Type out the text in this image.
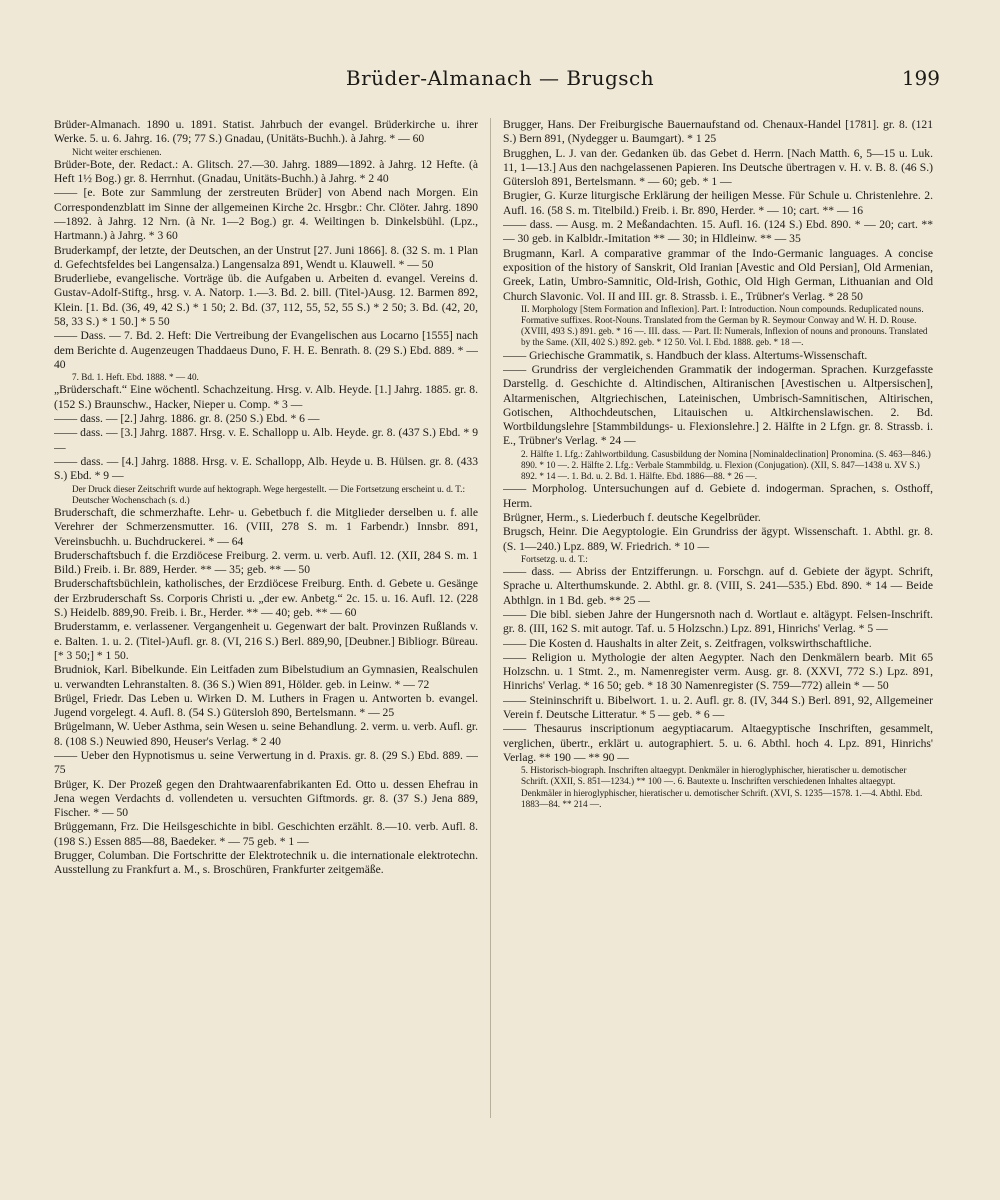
Brüder-Almanach — Brugsch	199

Brüder-Almanach. 1890 u. 1891. Statist. Jahrbuch der evangel. Brüderkirche u. ihrer Werke. 5. u. 6. Jahrg. 16. (79; 77 S.) Gnadau, (Unitäts-Buchh.). à Jahrg. * — 60

Nicht weiter erschienen.

Brüder-Bote, der. Redact.: A. Glitsch. 27.—30. Jahrg. 1889—1892. à Jahrg. 12 Hefte. (à Heft 1½ Bog.) gr. 8. Herrnhut. (Gnadau, Unitäts-Buchh.) à Jahrg. * 2 40

—— [e. Bote zur Sammlung der zerstreuten Brüder] von Abend nach Morgen. Ein Correspondenzblatt im Sinne der allgemeinen Kirche 2c. Hrsgbr.: Chr. Clöter. Jahrg. 1890—1892. à Jahrg. 12 Nrn. (à Nr. 1—2 Bog.) gr. 4. Weiltingen b. Dinkelsbühl. (Lpz., Hartmann.) à Jahrg. * 3 60

Bruderkampf, der letzte, der Deutschen, an der Unstrut [27. Juni 1866]. 8. (32 S. m. 1 Plan d. Gefechtsfeldes bei Langensalza.) Langensalza 891, Wendt u. Klauwell. * — 50

Bruderliebe, evangelische. Vorträge üb. die Aufgaben u. Arbeiten d. evangel. Vereins d. Gustav-Adolf-Stiftg., hrsg. v. A. Natorp. 1.—3. Bd. 2. bill. (Titel-)Ausg. 12. Barmen 892, Klein. [1. Bd. (36, 49, 42 S.) * 1 50; 2. Bd. (37, 112, 55, 52, 55 S.) * 2 50; 3. Bd. (42, 20, 58, 33 S.) * 1 50.] * 5 50

—— Dass. — 7. Bd. 2. Heft: Die Vertreibung der Evangelischen aus Locarno [1555] nach dem Berichte d. Augenzeugen Thaddaeus Duno, F. H. E. Benrath. 8. (29 S.) Ebd. 889. * — 40

7. Bd. 1. Heft. Ebd. 1888. * — 40.

„Brüderschaft.“ Eine wöchentl. Schachzeitung. Hrsg. v. Alb. Heyde. [1.] Jahrg. 1885. gr. 8. (152 S.) Braunschw., Hacker, Nieper u. Comp. * 3 —

—— dass. — [2.] Jahrg. 1886. gr. 8. (250 S.) Ebd. * 6 —

—— dass. — [3.] Jahrg. 1887. Hrsg. v. E. Schallopp u. Alb. Heyde. gr. 8. (437 S.) Ebd. * 9 —

—— dass. — [4.] Jahrg. 1888. Hrsg. v. E. Schallopp, Alb. Heyde u. B. Hülsen. gr. 8. (433 S.) Ebd. * 9 —

Der Druck dieser Zeitschrift wurde auf hektograph. Wege hergestellt. — Die Fortsetzung erscheint u. d. T.: Deutscher Wochenschach (s. d.)

Bruderschaft, die schmerzhafte. Lehr- u. Gebetbuch f. die Mitglieder derselben u. f. alle Verehrer der Schmerzensmutter. 16. (VIII, 278 S. m. 1 Farbendr.) Innsbr. 891, Vereinsbuchh. u. Buchdruckerei. * — 64

Bruderschaftsbuch f. die Erzdiöcese Freiburg. 2. verm. u. verb. Aufl. 12. (XII, 284 S. m. 1 Bild.) Freib. i. Br. 889, Herder. ** — 35; geb. ** — 50

Bruderschaftsbüchlein, katholisches, der Erzdiöcese Freiburg. Enth. d. Gebete u. Gesänge der Erzbruderschaft Ss. Corporis Christi u. „der ew. Anbetg.“ 2c. 15. u. 16. Aufl. 12. (228 S.) Heidelb. 889,90. Freib. i. Br., Herder. ** — 40; geb. ** — 60

Bruderstamm, e. verlassener. Vergangenheit u. Gegenwart der balt. Provinzen Rußlands v. e. Balten. 1. u. 2. (Titel-)Aufl. gr. 8. (VI, 216 S.) Berl. 889,90, [Deubner.] Bibliogr. Büreau. [* 3 50;] * 1 50.

Brudniok, Karl. Bibelkunde. Ein Leitfaden zum Bibelstudium an Gymnasien, Realschulen u. verwandten Lehranstalten. 8. (36 S.) Wien 891, Hölder. geb. in Leinw. * — 72

Brügel, Friedr. Das Leben u. Wirken D. M. Luthers in Fragen u. Antworten b. evangel. Jugend vorgelegt. 4. Aufl. 8. (54 S.) Gütersloh 890, Bertelsmann. * — 25

Brügelmann, W. Ueber Asthma, sein Wesen u. seine Behandlung. 2. verm. u. verb. Aufl. gr. 8. (108 S.) Neuwied 890, Heuser's Verlag. * 2 40

—— Ueber den Hypnotismus u. seine Verwertung in d. Praxis. gr. 8. (29 S.) Ebd. 889. — 75

Brüger, K. Der Prozeß gegen den Drahtwaarenfabrikanten Ed. Otto u. dessen Ehefrau in Jena wegen Verdachts d. vollendeten u. versuchten Giftmords. gr. 8. (37 S.) Jena 889, Fischer. * — 50

Brüggemann, Frz. Die Heilsgeschichte in bibl. Geschichten erzählt. 8.—10. verb. Aufl. 8. (198 S.) Essen 885—88, Baedeker. * — 75 geb. * 1 —

Brugger, Columban. Die Fortschritte der Elektrotechnik u. die internationale elektrotechn. Ausstellung zu Frankfurt a. M., s. Broschüren, Frankfurter zeitgemäße.

Brugger, Hans. Der Freiburgische Bauernaufstand od. Chenaux-Handel [1781]. gr. 8. (121 S.) Bern 891, (Nydegger u. Baumgart). * 1 25

Brugghen, L. J. van der. Gedanken üb. das Gebet d. Herrn. [Nach Matth. 6, 5—15 u. Luk. 11, 1—13.] Aus den nachgelassenen Papieren. Ins Deutsche übertragen v. H. v. B. 8. (46 S.) Gütersloh 891, Bertelsmann. * — 60; geb. * 1 —

Brugier, G. Kurze liturgische Erklärung der heiligen Messe. Für Schule u. Christenlehre. 2. Aufl. 16. (58 S. m. Titelbild.) Freib. i. Br. 890, Herder. * — 10; cart. ** — 16

—— dass. — Ausg. m. 2 Meßandachten. 15. Aufl. 16. (124 S.) Ebd. 890. * — 20; cart. ** — 30 geb. in Kalbldr.-Imitation ** — 30; in Hldleinw. ** — 35

Brugmann, Karl. A comparative grammar of the Indo-Germanic languages. A concise exposition of the history of Sanskrit, Old Iranian [Avestic and Old Persian], Old Armenian, Greek, Latin, Umbro-Samnitic, Old-Irish, Gothic, Old High German, Lithuanian and Old Church Slavonic. Vol. II and III. gr. 8. Strassb. i. E., Trübner's Verlag. * 28 50

II. Morphology [Stem Formation and Inflexion]. Part. I: Introduction. Noun compounds. Reduplicated nouns. Formative suffixes. Root-Nouns. Translated from the German by R. Seymour Conway and W. H. D. Rouse. (XVIII, 493 S.) 891. geb. * 16 —. III. dass. — Part. II: Numerals, Inflexion of nouns and pronouns. Translated by the Same. (XII, 402 S.) 892. geb. * 12 50. Vol. I. Ebd. 1888. geb. * 18 —.

—— Griechische Grammatik, s. Handbuch der klass. Altertums-Wissenschaft.

—— Grundriss der vergleichenden Grammatik der indogerman. Sprachen. Kurzgefasste Darstellg. d. Geschichte d. Altindischen, Altiranischen [Avestischen u. Altpersischen], Altarmenischen, Altgriechischen, Lateinischen, Umbrisch-Samnitischen, Altirischen, Gotischen, Althochdeutschen, Litauischen u. Altkirchenslawischen. 2. Bd. Wortbildungslehre [Stammbildungs- u. Flexionslehre.] 2. Hälfte in 2 Lfgn. gr. 8. Strassb. i. E., Trübner's Verlag. * 24 —

2. Hälfte 1. Lfg.: Zahlwortbildung. Casusbildung der Nomina [Nominaldeclination] Pronomina. (S. 463—846.) 890. * 10 —. 2. Hälfte 2. Lfg.: Verbale Stammbildg. u. Flexion (Conjugation). (XII, S. 847—1438 u. XV S.) 892. * 14 —. 1. Bd. u. 2. Bd. 1. Hälfte. Ebd. 1886—88. * 26 —.

—— Morpholog. Untersuchungen auf d. Gebiete d. indogerman. Sprachen, s. Osthoff, Herm.

Brügner, Herm., s. Liederbuch f. deutsche Kegelbrüder.

Brugsch, Heinr. Die Aegyptologie. Ein Grundriss der ägypt. Wissenschaft. 1. Abthl. gr. 8. (S. 1—240.) Lpz. 889, W. Friedrich. * 10 —

Fortsetzg. u. d. T.:

—— dass. — Abriss der Entzifferungn. u. Forschgn. auf d. Gebiete der ägypt. Schrift, Sprache u. Alterthumskunde. 2. Abthl. gr. 8. (VIII, S. 241—535.) Ebd. 890. * 14 — Beide Abthlgn. in 1 Bd. geb. ** 25 —

—— Die bibl. sieben Jahre der Hungersnoth nach d. Wortlaut e. altägypt. Felsen-Inschrift. gr. 8. (III, 162 S. mit autogr. Taf. u. 5 Holzschn.) Lpz. 891, Hinrichs' Verlag. * 5 —

—— Die Kosten d. Haushalts in alter Zeit, s. Zeitfragen, volkswirthschaftliche.

—— Religion u. Mythologie der alten Aegypter. Nach den Denkmälern bearb. Mit 65 Holzschn. u. 1 Stmt. 2., m. Namenregister verm. Ausg. gr. 8. (XXVI, 772 S.) Lpz. 891, Hinrichs' Verlag. * 16 50; geb. * 18 30 Namenregister (S. 759—772) allein * — 50

—— Steininschrift u. Bibelwort. 1. u. 2. Aufl. gr. 8. (IV, 344 S.) Berl. 891, 92, Allgemeiner Verein f. Deutsche Litteratur. * 5 — geb. * 6 —

—— Thesaurus inscriptionum aegyptiacarum. Altaegyptische Inschriften, gesammelt, verglichen, übertr., erklärt u. autographiert. 5. u. 6. Abthl. hoch 4. Lpz. 891, Hinrichs' Verlag. ** 190 — ** 90 —

5. Historisch-biograph. Inschriften altaegypt. Denkmäler in hieroglyphischer, hieratischer u. demotischer Schrift. (XXII, S. 851—1234.) ** 100 —. 6. Bautexte u. Inschriften verschiedenen Inhaltes altaegypt. Denkmäler in hieroglyphischer, hieratischer u. demotischer Schrift. (XVI, S. 1235—1578. 1.—4. Abthl. Ebd. 1883—84. ** 214 —.
